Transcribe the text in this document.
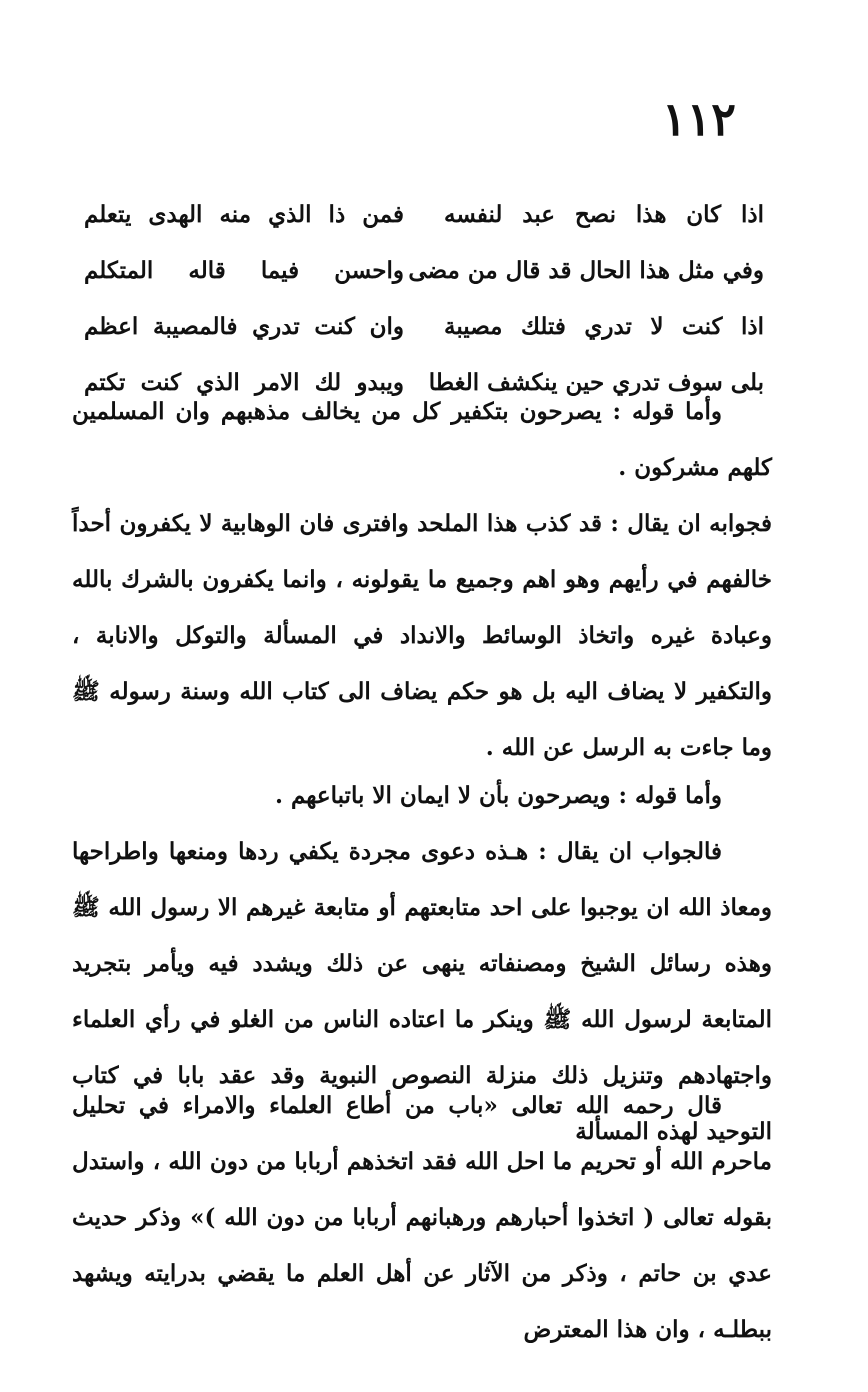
١١٢
اذا كان هذا نصح عبد لنفسه
فمن ذا الذي منه الهدى يتعلم
وفي مثل هذا الحال قد قال من مضى
واحسن فيما قاله المتكلم
اذا كنت لا تدري فتلك مصيبة
وان كنت تدري فالمصيبة اعظم
بلى سوف تدري حين ينكشف الغطا
ويبدو لك الامر الذي كنت تكتم

وأما قوله : يصرحون بتكفير كل من يخالف مذهبهم وان المسلمين كلهم مشركون .

فجوابه ان يقال : قد كذب هذا الملحد وافترى فان الوهابية لا يكفرون أحداً خالفهم في رأيهم وهو اهم وجميع ما يقولونه ، وانما يكفرون بالشرك بالله وعبادة غيره واتخاذ الوسائط والانداد في المسألة والتوكل والانابة ، والتكفير لا يضاف اليه بل هو حكم يضاف الى كتاب الله وسنة رسوله ﷺ وما جاءت به الرسل عن الله .

وأما قوله : ويصرحون بأن لا ايمان الا باتباعهم .

فالجواب ان يقال : هـذه دعوى مجردة يكفي ردها ومنعها واطراحها ومعاذ الله ان يوجبوا على احد متابعتهم أو متابعة غيرهم الا رسول الله ﷺ وهذه رسائل الشيخ ومصنفاته ينهى عن ذلك ويشدد فيه ويأمر بتجريد المتابعة لرسول الله ﷺ وينكر ما اعتاده الناس من الغلو في رأي العلماء واجتهادهم وتنزيل ذلك منزلة النصوص النبوية وقد عقد بابا في كتاب التوحيد لهذه المسألة

قال رحمه الله تعالى «باب من أطاع العلماء والامراء في تحليل ماحرم الله أو تحريم ما احل الله فقد اتخذهم أربابا من دون الله ، واستدل بقوله تعالى ( اتخذوا أحبارهم ورهبانهم أربابا من دون الله )» وذكر حديث عدي بن حاتم ، وذكر من الآثار عن أهل العلم ما يقضي بدرايته ويشهد ببطلـه ، وان هذا المعترض
